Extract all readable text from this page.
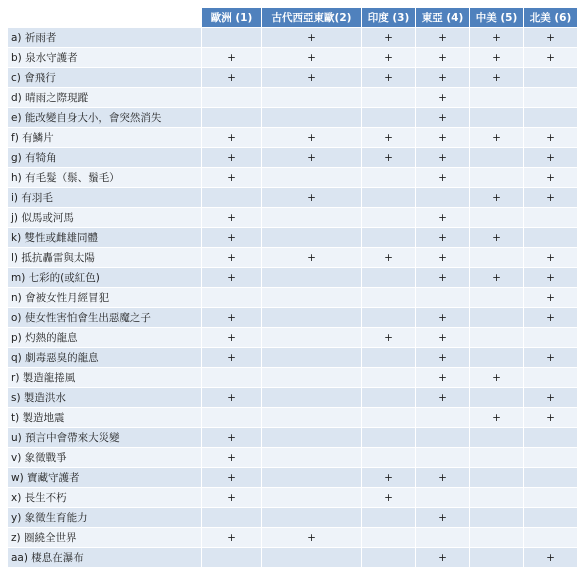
	歐洲 (1)	古代西亞東歐(2)	印度 (3)	東亞 (4)	中美 (5)	北美 (6)
a) 祈雨者		+	+	+	+	+
b) 泉水守護者	+	+	+	+	+	+
c) 會飛行	+	+	+	+	+	
d) 晴雨之際現蹤				+		
e) 能改變自身大小，會突然消失				+		
f) 有鱗片	+	+	+	+	+	+
g) 有犄角	+	+	+	+		+
h) 有毛髮（鬃、鬚毛）	+			+		+
i) 有羽毛		+			+	+
j) 似馬或河馬	+			+		
k) 雙性或雌雄同體	+			+	+	
l) 抵抗轟雷與太陽	+	+	+	+		+
m) 七彩的(或紅色)	+			+	+	+
n) 會被女性月經冒犯						+
o) 使女性害怕會生出惡魔之子	+			+		+
p) 灼熱的龍息	+		+	+		
q) 劇毒惡臭的龍息	+			+		+
r) 製造龍捲風				+	+	
s) 製造洪水	+			+		+
t) 製造地震					+	+
u) 預言中會帶來大災變	+					
v) 象徵戰爭	+					
w) 寶藏守護者	+		+	+		
x) 長生不朽	+		+			
y) 象徵生育能力				+		
z) 圈繞全世界	+	+				
aa) 棲息在瀑布				+		+
